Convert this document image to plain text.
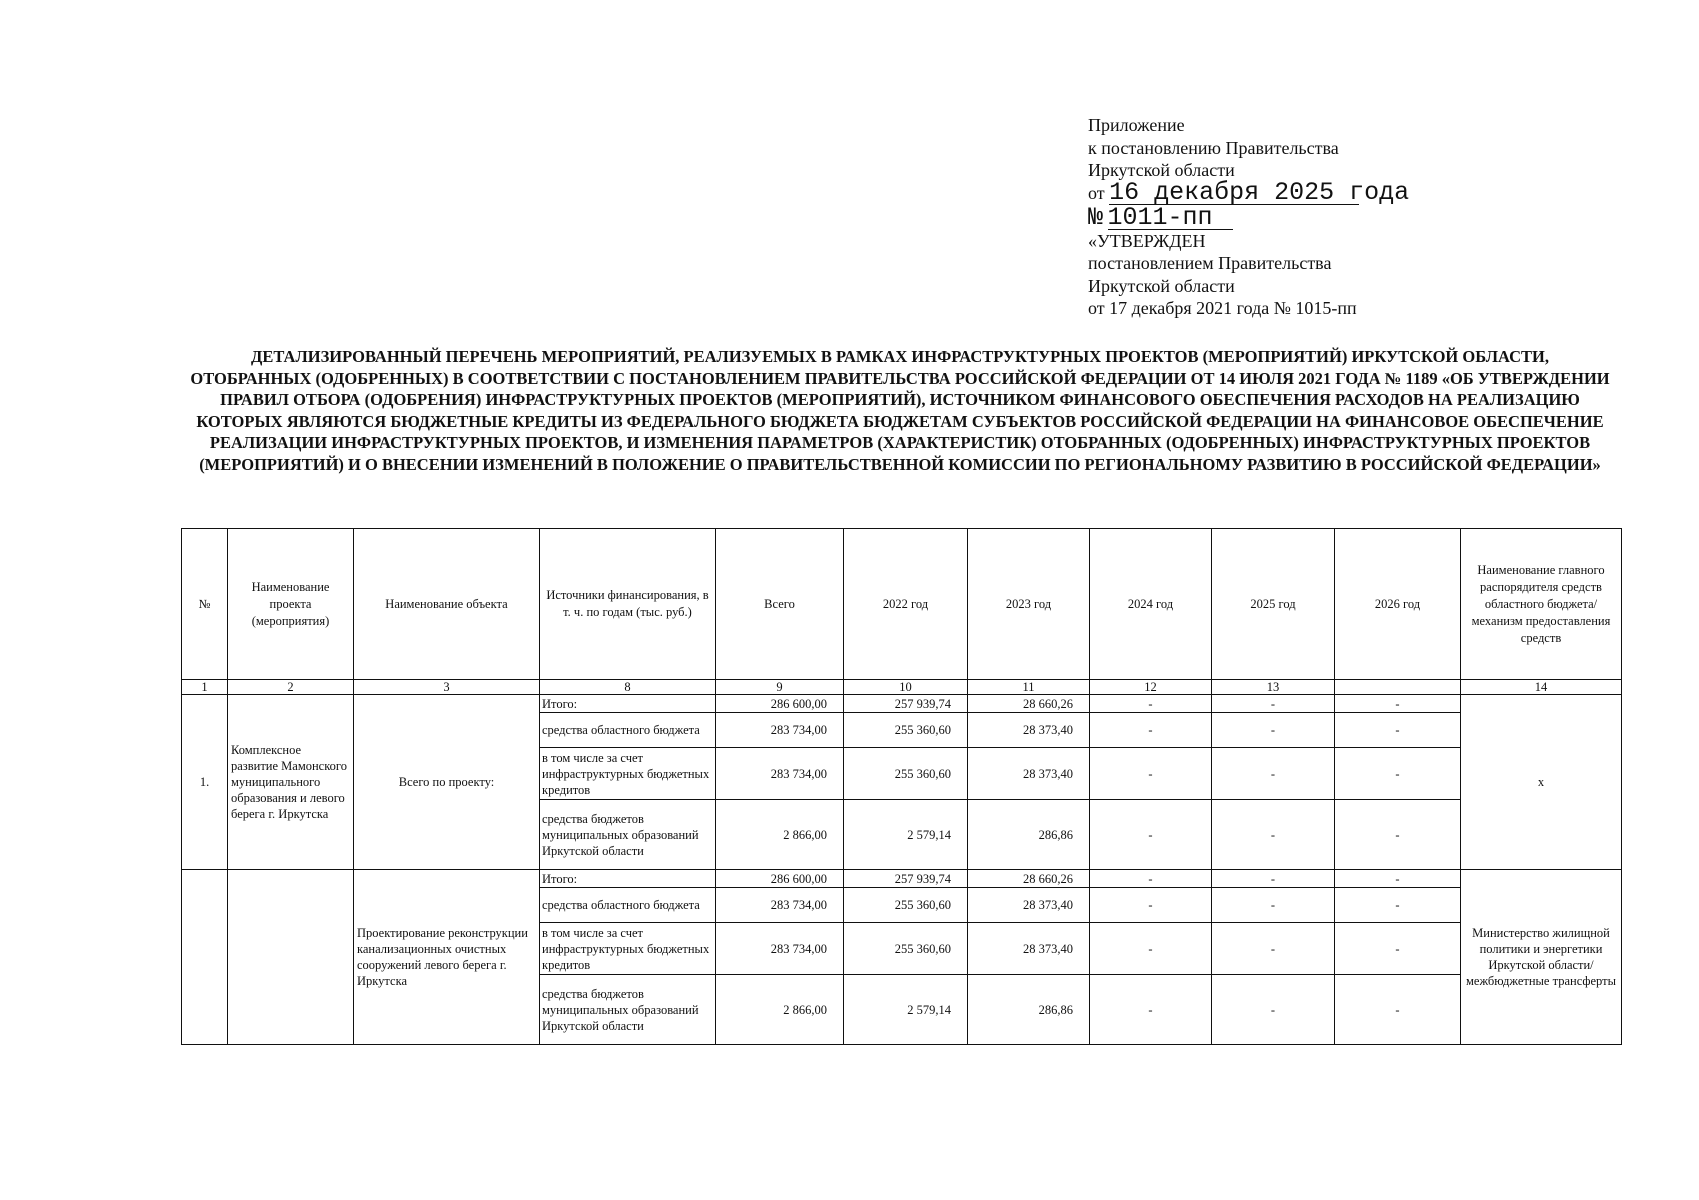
Приложение
к постановлению Правительства
Иркутской области
от 16 декабря 2025 года
№ 1011-пп
«УТВЕРЖДЕН
постановлением Правительства
Иркутской области
от 17 декабря 2021 года № 1015-пп
ДЕТАЛИЗИРОВАННЫЙ ПЕРЕЧЕНЬ МЕРОПРИЯТИЙ, РЕАЛИЗУЕМЫХ В РАМКАХ ИНФРАСТРУКТУРНЫХ ПРОЕКТОВ (МЕРОПРИЯТИЙ) ИРКУТСКОЙ ОБЛАСТИ, ОТОБРАННЫХ (ОДОБРЕННЫХ) В СООТВЕТСТВИИ С ПОСТАНОВЛЕНИЕМ ПРАВИТЕЛЬСТВА РОССИЙСКОЙ ФЕДЕРАЦИИ ОТ 14 ИЮЛЯ 2021 ГОДА № 1189 «ОБ УТВЕРЖДЕНИИ ПРАВИЛ ОТБОРА (ОДОБРЕНИЯ) ИНФРАСТРУКТУРНЫХ ПРОЕКТОВ (МЕРОПРИЯТИЙ), ИСТОЧНИКОМ ФИНАНСОВОГО ОБЕСПЕЧЕНИЯ РАСХОДОВ НА РЕАЛИЗАЦИЮ КОТОРЫХ ЯВЛЯЮТСЯ БЮДЖЕТНЫЕ КРЕДИТЫ ИЗ ФЕДЕРАЛЬНОГО БЮДЖЕТА БЮДЖЕТАМ СУБЪЕКТОВ РОССИЙСКОЙ ФЕДЕРАЦИИ НА ФИНАНСОВОЕ ОБЕСПЕЧЕНИЕ РЕАЛИЗАЦИИ ИНФРАСТРУКТУРНЫХ ПРОЕКТОВ, И ИЗМЕНЕНИЯ ПАРАМЕТРОВ (ХАРАКТЕРИСТИК) ОТОБРАННЫХ (ОДОБРЕННЫХ) ИНФРАСТРУКТУРНЫХ ПРОЕКТОВ (МЕРОПРИЯТИЙ) И О ВНЕСЕНИИ ИЗМЕНЕНИЙ В ПОЛОЖЕНИЕ О ПРАВИТЕЛЬСТВЕННОЙ КОМИССИИ ПО РЕГИОНАЛЬНОМУ РАЗВИТИЮ В РОССИЙСКОЙ ФЕДЕРАЦИИ»
№	Наименование проекта (мероприятия)	Наименование объекта	Источники финансирования, в т. ч. по годам (тыс. руб.)	Всего	2022 год	2023 год	2024 год	2025 год	2026 год	Наименование главного распорядителя средств областного бюджета/ механизм предоставления средств
1	2	3	8	9	10	11	12	13		14
1.	Комплексное развитие Мамонского муниципального образования и левого берега г. Иркутска	Всего по проекту:	Итого:	286 600,00	257 939,74	28 660,26	-	-	-	х
			средства областного бюджета	283 734,00	255 360,60	28 373,40	-	-	-	
			в том числе за счет инфраструктурных бюджетных кредитов	283 734,00	255 360,60	28 373,40	-	-	-	
			средства бюджетов муниципальных образований Иркутской области	2 866,00	2 579,14	286,86	-	-	-	
		Проектирование реконструкции канализационных очистных сооружений левого берега г. Иркутска	Итого:	286 600,00	257 939,74	28 660,26	-	-	-	Министерство жилищной политики и энергетики Иркутской области/ межбюджетные трансферты
			средства областного бюджета	283 734,00	255 360,60	28 373,40	-	-	-	
			в том числе за счет инфраструктурных бюджетных кредитов	283 734,00	255 360,60	28 373,40	-	-	-	
			средства бюджетов муниципальных образований Иркутской области	2 866,00	2 579,14	286,86	-	-	-	
